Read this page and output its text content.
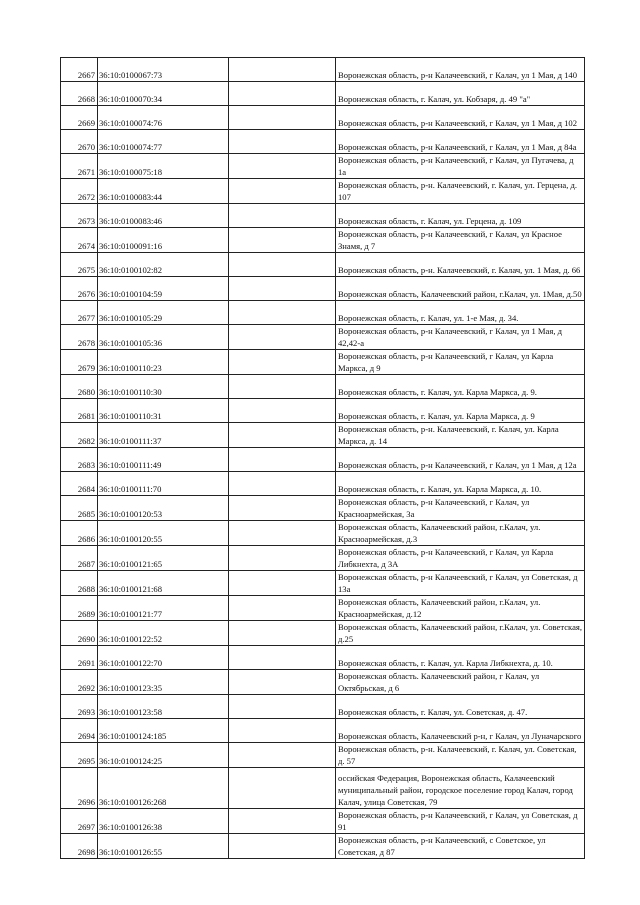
2667	36:10:0100067:73		Воронежская область, р-н Калачеевский, г Калач, ул 1 Мая, д 140
2668	36:10:0100070:34		Воронежская область, г. Калач, ул. Кобзаря, д. 49 "а"
2669	36:10:0100074:76		Воронежская область, р-н Калачеевский, г Калач, ул 1 Мая, д 102
2670	36:10:0100074:77		Воронежская область, р-н Калачеевский, г Калач, ул 1 Мая, д 84а
2671	36:10:0100075:18		Воронежская область, р-н Калачеевский, г Калач, ул Пугачева, д 1а
2672	36:10:0100083:44		Воронежская область, р-н. Калачеевский, г. Калач, ул. Герцена, д. 107
2673	36:10:0100083:46		Воронежская область, г. Калач, ул. Герцена, д. 109
2674	36:10:0100091:16		Воронежская область, р-н Калачеевский, г Калач, ул Красное Знамя, д 7
2675	36:10:0100102:82		Воронежская область, р-н. Калачеевский, г. Калач, ул. 1 Мая, д. 66
2676	36:10:0100104:59		Воронежская область, Калачеевский район, г.Калач, ул. 1Мая, д.50
2677	36:10:0100105:29		Воронежская область, г. Калач, ул. 1-е Мая, д. 34.
2678	36:10:0100105:36		Воронежская область, р-н Калачеевский, г Калач, ул 1 Мая, д 42,42-а
2679	36:10:0100110:23		Воронежская область, р-н Калачеевский, г Калач, ул Карла Маркса, д 9
2680	36:10:0100110:30		Воронежская область, г. Калач, ул. Карла Маркса, д. 9.
2681	36:10:0100110:31		Воронежская область, г. Калач, ул. Карла Маркса, д. 9
2682	36:10:0100111:37		Воронежская область, р-н. Калачеевский, г. Калач, ул. Карла Маркса, д. 14
2683	36:10:0100111:49		Воронежская область, р-н Калачеевский, г Калач, ул 1 Мая, д 12а
2684	36:10:0100111:70		Воронежская область, г. Калач, ул. Карла Маркса, д. 10.
2685	36:10:0100120:53		Воронежская область, р-н Калачеевский, г Калач, ул Красноармейская, 3а
2686	36:10:0100120:55		Воронежская область, Калачеевский район, г.Калач, ул. Красноармейская, д.3
2687	36:10:0100121:65		Воронежская область, р-н Калачеевский, г Калач, ул Карла Либкнехта, д 3А
2688	36:10:0100121:68		Воронежская область, р-н Калачеевский, г Калач, ул Советская, д 13а
2689	36:10:0100121:77		Воронежская область, Калачеевский район, г.Калач, ул. Красноармейская, д.12
2690	36:10:0100122:52		Воронежская область, Калачеевский район, г.Калач, ул. Советская, д.25
2691	36:10:0100122:70		Воронежская область, г. Калач, ул. Карла Либкнехта, д. 10.
2692	36:10:0100123:35		Воронежская область. Калачеевский район, г Калач, ул Октябрьская, д 6
2693	36:10:0100123:58		Воронежская область, г. Калач, ул. Советская, д. 47.
2694	36:10:0100124:185		Воронежская область, Калачеевский р-н, г Калач, ул Луначарского
2695	36:10:0100124:25		Воронежская область, р-н. Калачеевский, г. Калач, ул. Советская, д. 57
2696	36:10:0100126:268		оссийская Федерация, Воронежская область, Калачеевский муниципальный район, городское поселение город Калач, город Калач, улица Советская, 79
2697	36:10:0100126:38		Воронежская область, р-н Калачеевский, г Калач, ул Советская, д 91
2698	36:10:0100126:55		Воронежская область, р-н Калачеевский, с Советское, ул Советская, д 87
